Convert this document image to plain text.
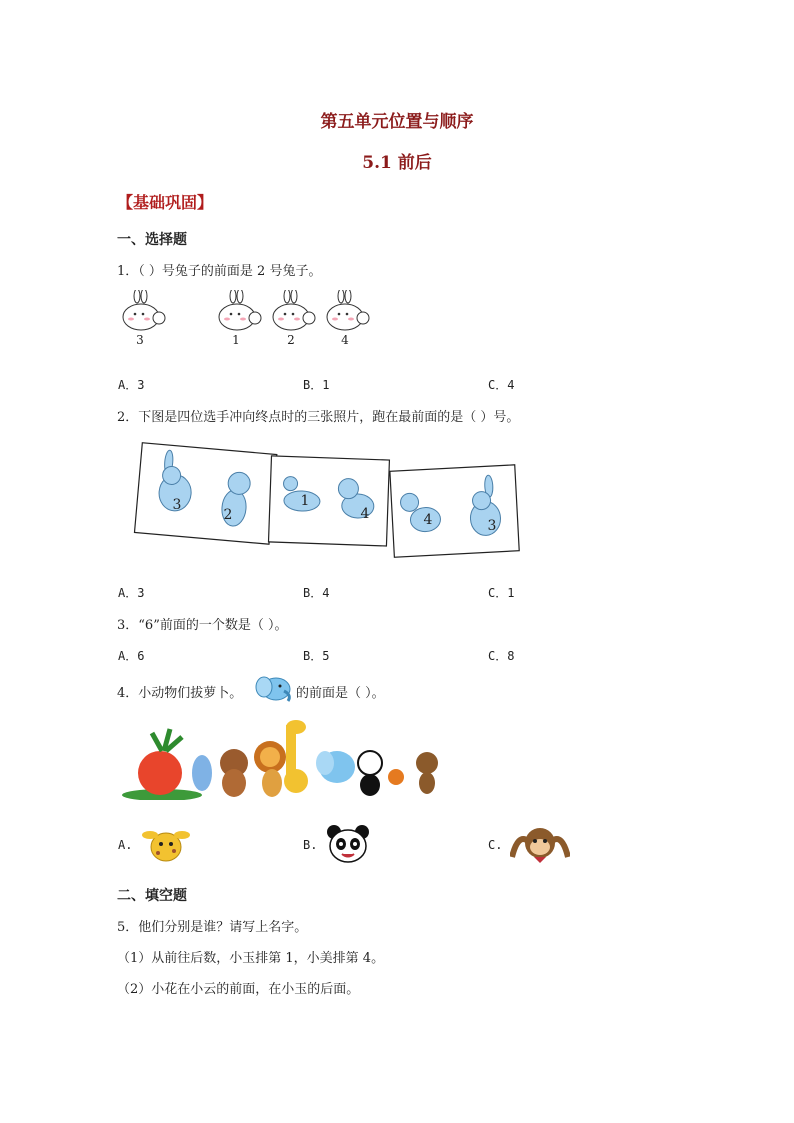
第五单元位置与顺序
5.1 前后
【基础巩固】
一、选择题
1．（ ）号兔子的前面是 2 号兔子。
3	1	2	4
A．3	B．1	C．4
2．下图是四位选手冲向终点时的三张照片，跑在最前面的是（ ）号。
3
2
1
4	4	3
A．3	B．4	C．1
3．“6”前面的一个数是（ ）。
A．6	B．5	C．8
4．小动物们拔萝卜。	的前面是（ ）。
A.	B.	C.
二、填空题
5．他们分别是谁？请写上名字。
（1）从前往后数，小玉排第 1，小美排第 4。
（2）小花在小云的前面，在小玉的后面。
